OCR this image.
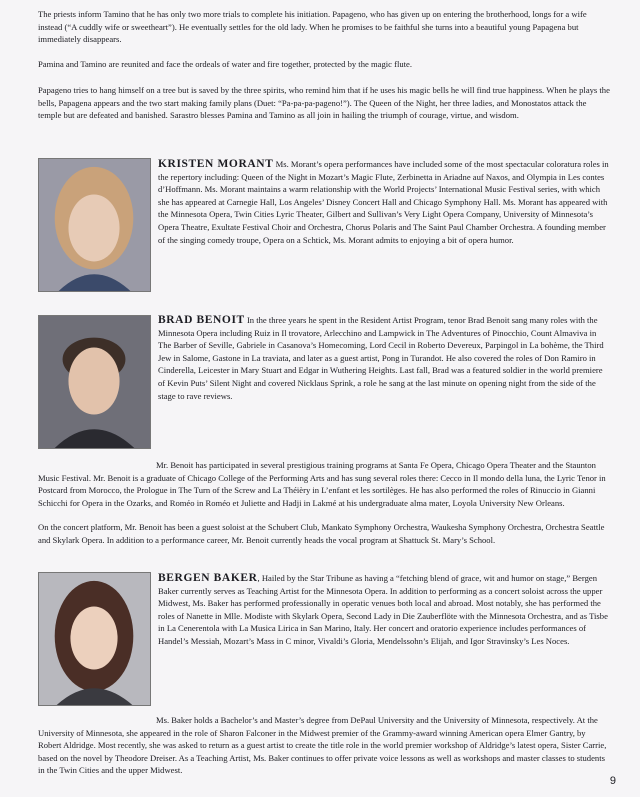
The priests inform Tamino that he has only two more trials to complete his initiation. Papageno, who has given up on entering the brotherhood, longs for a wife instead (“A cuddly wife or sweetheart”). He eventually settles for the old lady. When he promises to be faithful she turns into a beautiful young Papagena but immediately disappears.

Pamina and Tamino are reunited and face the ordeals of water and fire together, protected by the magic flute.

Papageno tries to hang himself on a tree but is saved by the three spirits, who remind him that if he uses his magic bells he will find true happiness. When he plays the bells, Papagena appears and the two start making family plans (Duet: “Pa-pa-pa-pageno!”). The Queen of the Night, her three ladies, and Monostatos attack the temple but are defeated and banished. Sarastro blesses Pamina and Tamino as all join in hailing the triumph of courage, virtue, and wisdom.

KRISTEN MORANT Ms. Morant’s opera performances have included some of the most spectacular coloratura roles in the repertory including: Queen of the Night in Mozart’s Magic Flute, Zerbinetta in Ariadne auf Naxos, and Olympia in Les contes d’Hoffmann. Ms. Morant maintains a warm relationship with the World Projects’ International Music Festival series, with which she has appeared at Carnegie Hall, Los Angeles’ Disney Concert Hall and Chicago Symphony Hall. Ms. Morant has appeared with the Minnesota Opera, Twin Cities Lyric Theater, Gilbert and Sullivan’s Very Light Opera Company, University of Minnesota’s Opera Theatre, Exultate Festival Choir and Orchestra, Chorus Polaris and The Saint Paul Chamber Orchestra. A founding member of the singing comedy troupe, Opera on a Schtick, Ms. Morant admits to enjoying a bit of opera humor.

BRAD BENOIT In the three years he spent in the Resident Artist Program, tenor Brad Benoit sang many roles with the Minnesota Opera including Ruiz in Il trovatore, Arlecchino and Lampwick in The Adventures of Pinocchio, Count Almaviva in The Barber of Seville, Gabriele in Casanova’s Homecoming, Lord Cecil in Roberto Devereux, Parpingol in La bohème, the Third Jew in Salome, Gastone in La traviata, and later as a guest artist, Pong in Turandot. He also covered the roles of Don Ramiro in Cinderella, Leicester in Mary Stuart and Edgar in Wuthering Heights. Last fall, Brad was a featured soldier in the world premiere of Kevin Puts’ Silent Night and covered Nicklaus Sprink, a role he sang at the last minute on opening night from the side of the stage to rave reviews.

Mr. Benoit has participated in several prestigious training programs at Santa Fe Opera, Chicago Opera Theater and the Staunton Music Festival. Mr. Benoit is a graduate of Chicago College of the Performing Arts and has sung several roles there: Cecco in Il mondo della luna, the Lyric Tenor in Postcard from Morocco, the Prologue in The Turn of the Screw and La Théièry in L’enfant et les sortilèges. He has also performed the roles of Rinuccio in Gianni Schicchi for Opera in the Ozarks, and Roméo in Roméo et Juliette and Hadji in Lakmé at his undergraduate alma mater, Loyola University New Orleans.

On the concert platform, Mr. Benoit has been a guest soloist at the Schubert Club, Mankato Symphony Orchestra, Waukesha Symphony Orchestra, Orchestra Seattle and Skylark Opera. In addition to a performance career, Mr. Benoit currently heads the vocal program at Shattuck St. Mary’s School.

BERGEN BAKER, Hailed by the Star Tribune as having a “fetching blend of grace, wit and humor on stage,” Bergen Baker currently serves as Teaching Artist for the Minnesota Opera. In addition to performing as a concert soloist across the upper Midwest, Ms. Baker has performed professionally in operatic venues both local and abroad. Most notably, she has performed the roles of Nanette in Mlle. Modiste with Skylark Opera, Second Lady in Die Zauberflöte with the Minnesota Orchestra, and as Tisbe in La Cenerentola with La Musica Lirica in San Marino, Italy. Her concert and oratorio experience includes performances of Handel’s Messiah, Mozart’s Mass in C minor, Vivaldi’s Gloria, Mendelssohn’s Elijah, and Igor Stravinsky’s Les Noces.

Ms. Baker holds a Bachelor’s and Master’s degree from DePaul University and the University of Minnesota, respectively. At the University of Minnesota, she appeared in the role of Sharon Falconer in the Midwest premier of the Grammy-award winning American opera Elmer Gantry, by Robert Aldridge. Most recently, she was asked to return as a guest artist to create the title role in the world premier workshop of Aldridge’s latest opera, Sister Carrie, based on the novel by Theodore Dreiser. As a Teaching Artist, Ms. Baker continues to offer private voice lessons as well as workshops and master classes to students in the Twin Cities and the upper Midwest.

9
